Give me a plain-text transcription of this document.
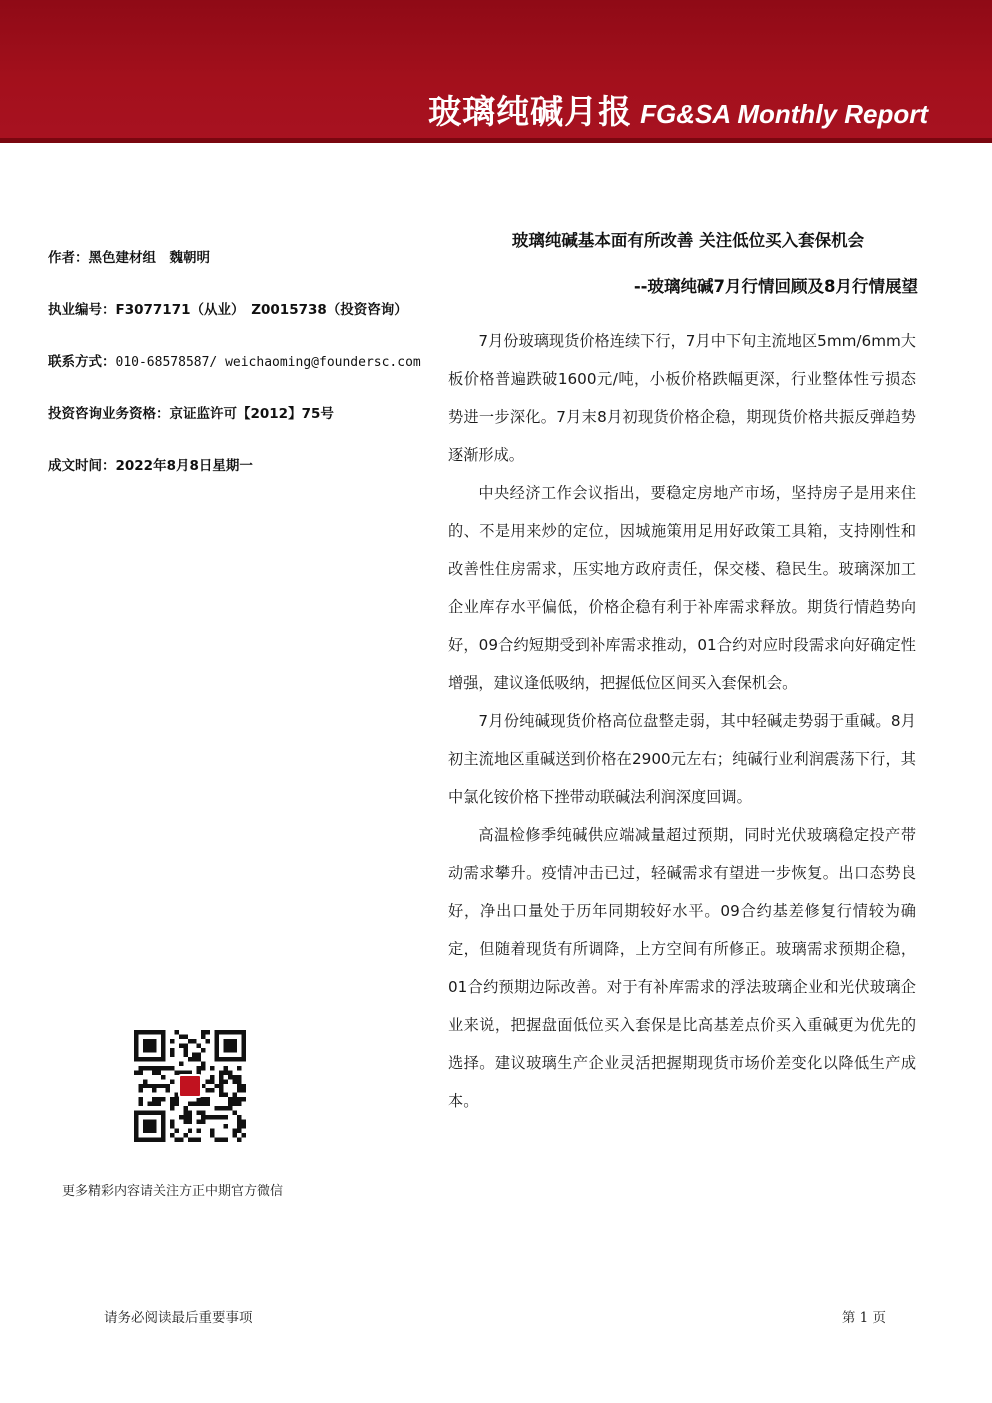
玻璃纯碱月报 FG&SA Monthly Report
作者：黑色建材组　魏朝明
执业编号：F3077171（从业）　Z0015738（投资咨询）
联系方式：010-68578587/ weichaoming@foundersc.com
投资咨询业务资格：京证监许可【2012】75号
成文时间：2022年8月8日星期一
更多精彩内容请关注方正中期官方微信
玻璃纯碱基本面有所改善 关注低位买入套保机会
--玻璃纯碱7月行情回顾及8月行情展望

7月份玻璃现货价格连续下行，7月中下旬主流地区5mm/6mm大板价格普遍跌破1600元/吨，小板价格跌幅更深，行业整体性亏损态势进一步深化。7月末8月初现货价格企稳，期现货价格共振反弹趋势逐渐形成。

中央经济工作会议指出，要稳定房地产市场，坚持房子是用来住的、不是用来炒的定位，因城施策用足用好政策工具箱，支持刚性和改善性住房需求，压实地方政府责任，保交楼、稳民生。玻璃深加工企业库存水平偏低，价格企稳有利于补库需求释放。期货行情趋势向好，09合约短期受到补库需求推动，01合约对应时段需求向好确定性增强，建议逢低吸纳，把握低位区间买入套保机会。

7月份纯碱现货价格高位盘整走弱，其中轻碱走势弱于重碱。8月初主流地区重碱送到价格在2900元左右；纯碱行业利润震荡下行，其中氯化铵价格下挫带动联碱法利润深度回调。

高温检修季纯碱供应端减量超过预期，同时光伏玻璃稳定投产带动需求攀升。疫情冲击已过，轻碱需求有望进一步恢复。出口态势良好，净出口量处于历年同期较好水平。09合约基差修复行情较为确定，但随着现货有所调降，上方空间有所修正。玻璃需求预期企稳，01合约预期边际改善。对于有补库需求的浮法玻璃企业和光伏玻璃企业来说，把握盘面低位买入套保是比高基差点价买入重碱更为优先的选择。建议玻璃生产企业灵活把握期现货市场价差变化以降低生产成本。

请务必阅读最后重要事项	第 1 页
